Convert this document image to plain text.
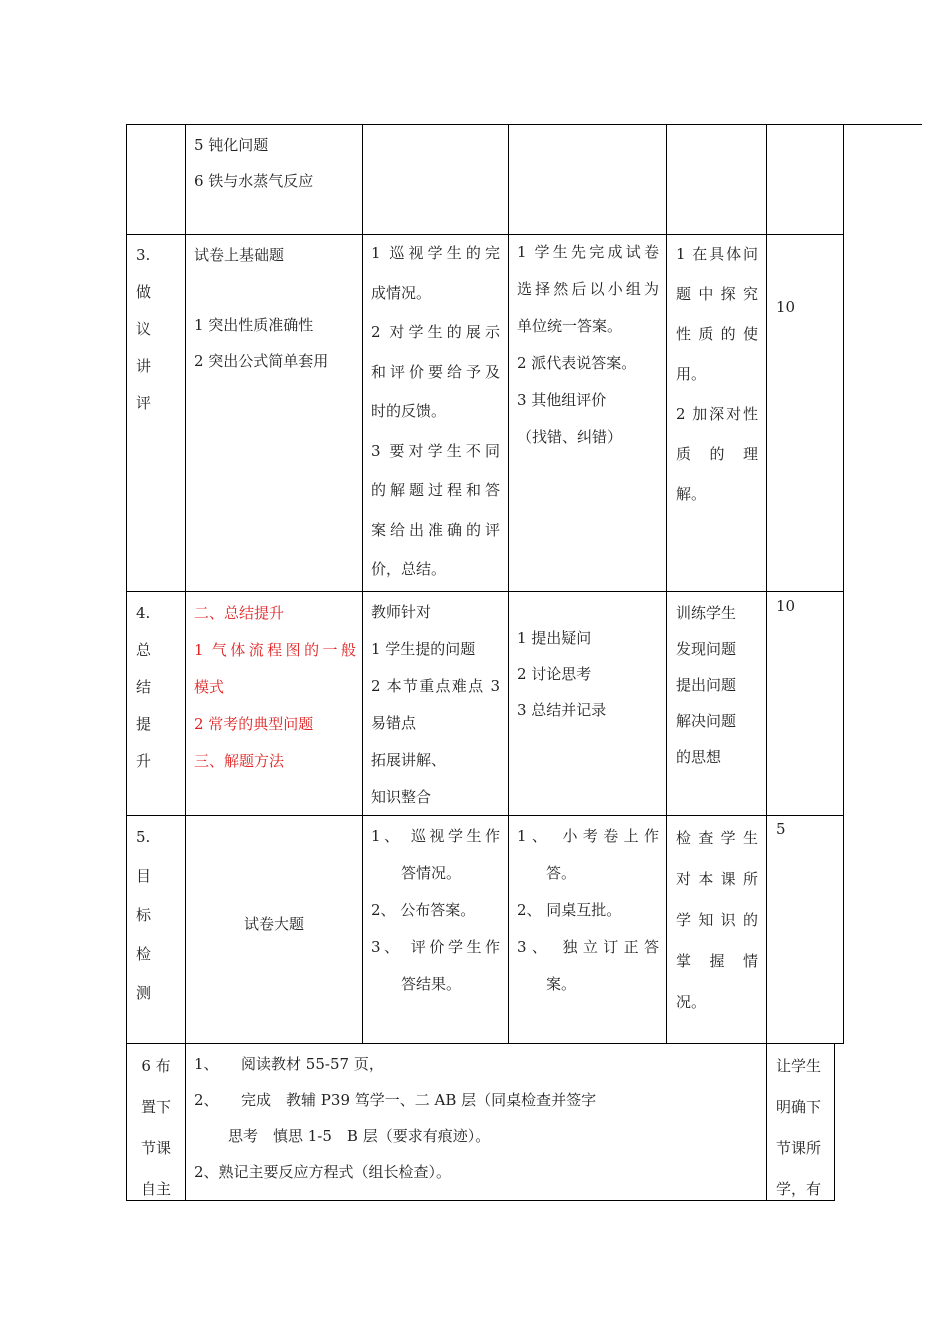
5 钝化问题

6 铁与水蒸气反应

3.

做

议

讲

评

试卷上基础题

1 突出性质准确性

2 突出公式简单套用

1 巡视学生的完

成情况。

2 对学生的展示

和评价要给予及

时的反馈。

3 要对学生不同

的解题过程和答

案给出准确的评

价，总结。

1 学生先完成试卷

选择然后以小组为

单位统一答案。

2 派代表说答案。

3 其他组评价

（找错、纠错）

1 在具体问

题中探究

性质的使

用。

2 加深对性

质的理

解。

10

4.

总

结

提

升

二、总结提升

1 气体流程图的一般

模式

2 常考的典型问题

三、解题方法

教师针对

1 学生提的问题

2 本节重点难点 3

易错点

拓展讲解、

知识整合

1 提出疑问

2 讨论思考

3 总结并记录

训练学生

发现问题

提出问题

解决问题

的思想

10

5.

目

标

检

测

试卷大题

1、 巡视学生作

答情况。

2、 公布答案。

3、 评价学生作

答结果。

1、 小考卷上作

答。

2、 同桌互批。

3、 独立订正答

案。

检查学生

对本课所

学知识的

掌握情

况。

5

6 布

置下

节课

自主

1、　　阅读教材 55-57 页，

2、　　完成　教辅 P39 笃学一、二 AB 层（同桌检查并签字

思考　慎思 1-5　B 层（要求有痕迹）。

2、熟记主要反应方程式（组长检查）。

让学生

明确下

节课所

学，有
